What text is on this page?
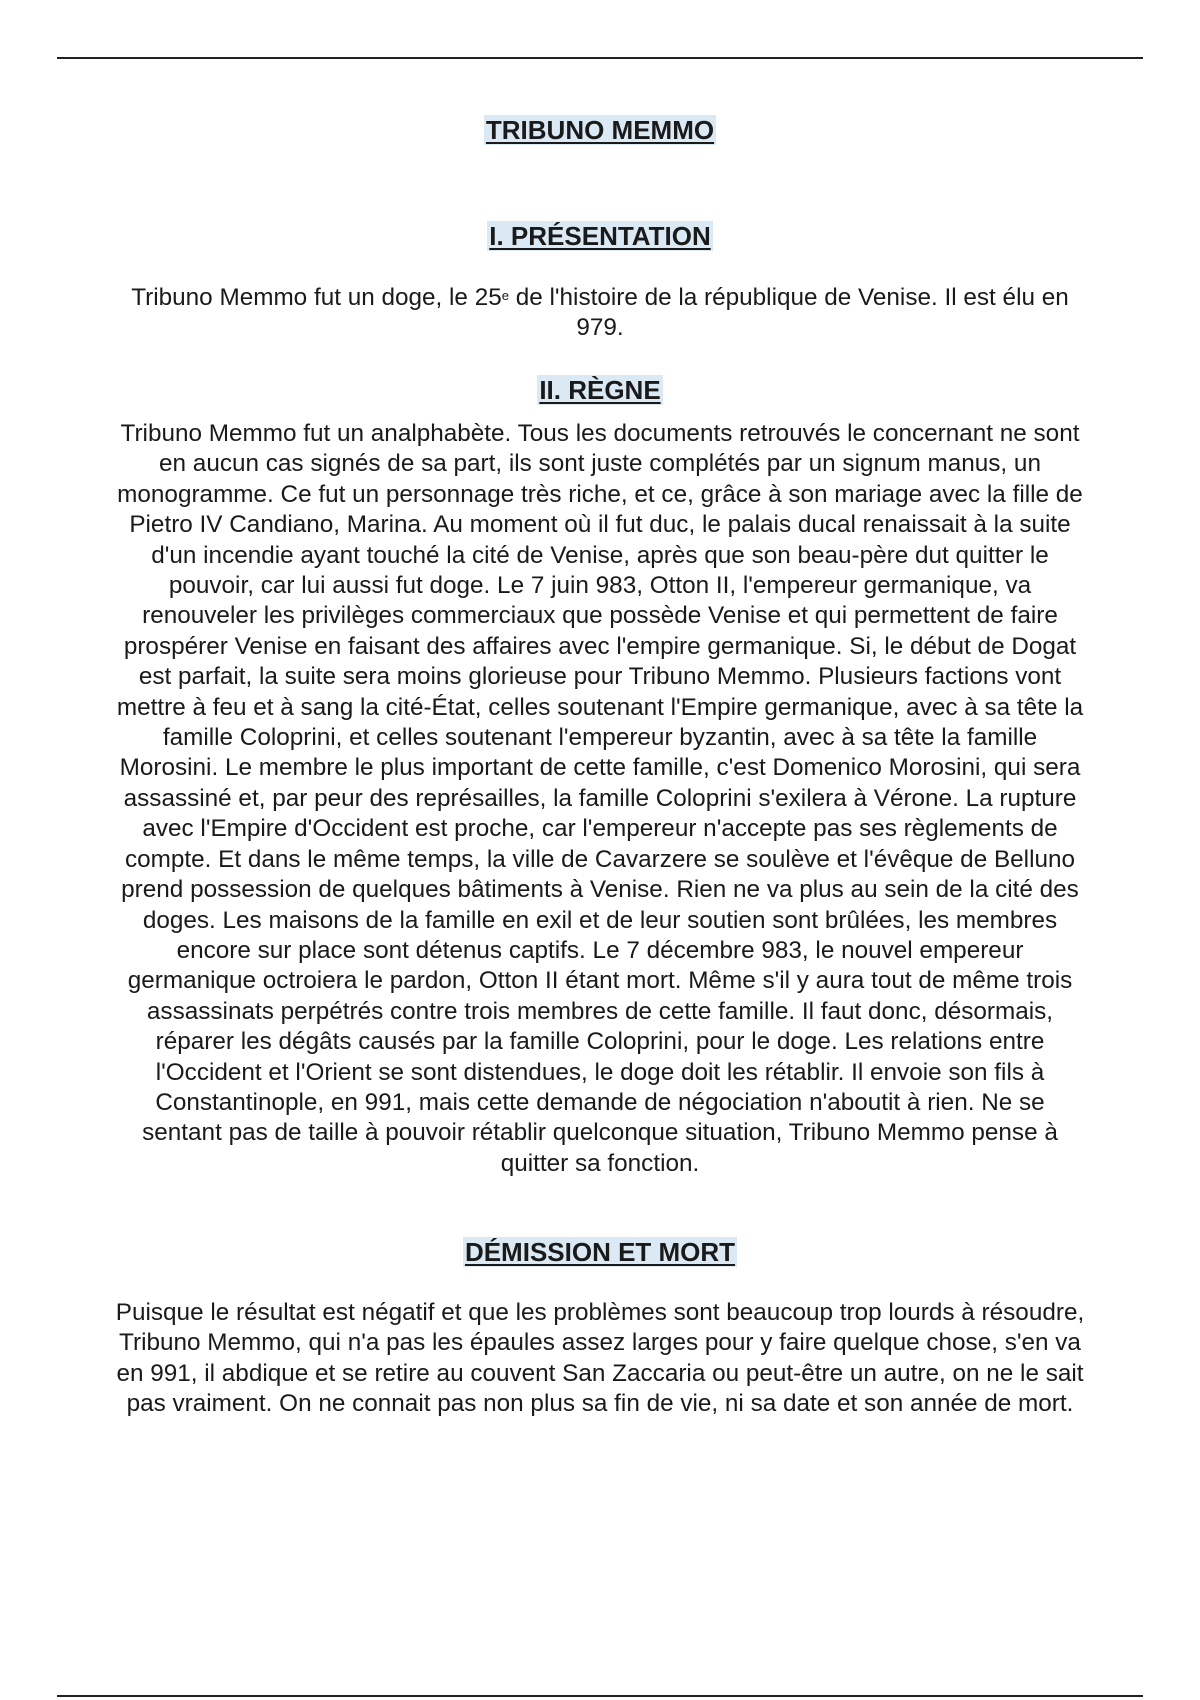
TRIBUNO MEMMO
I. PRÉSENTATION

Tribuno Memmo fut un doge, le 25e de l'histoire de la république de Venise. Il est élu en 979.

II. RÈGNE

Tribuno Memmo fut un analphabète. Tous les documents retrouvés le concernant ne sont en aucun cas signés de sa part, ils sont juste complétés par un signum manus, un monogramme. Ce fut un personnage très riche, et ce, grâce à son mariage avec la fille de Pietro IV Candiano, Marina. Au moment où il fut duc, le palais ducal renaissait à la suite d'un incendie ayant touché la cité de Venise, après que son beau-père dut quitter le pouvoir, car lui aussi fut doge. Le 7 juin 983, Otton II, l'empereur germanique, va renouveler les privilèges commerciaux que possède Venise et qui permettent de faire prospérer Venise en faisant des affaires avec l'empire germanique. Si, le début de Dogat est parfait, la suite sera moins glorieuse pour Tribuno Memmo. Plusieurs factions vont mettre à feu et à sang la cité-État, celles soutenant l'Empire germanique, avec à sa tête la famille Coloprini, et celles soutenant l'empereur byzantin, avec à sa tête la famille Morosini. Le membre le plus important de cette famille, c'est Domenico Morosini, qui sera assassiné et, par peur des représailles, la famille Coloprini s'exilera à Vérone. La rupture avec l'Empire d'Occident est proche, car l'empereur n'accepte pas ses règlements de compte. Et dans le même temps, la ville de Cavarzere se soulève et l'évêque de Belluno prend possession de quelques bâtiments à Venise. Rien ne va plus au sein de la cité des doges. Les maisons de la famille en exil et de leur soutien sont brûlées, les membres encore sur place sont détenus captifs. Le 7 décembre 983, le nouvel empereur germanique octroiera le pardon, Otton II étant mort. Même s'il y aura tout de même trois assassinats perpétrés contre trois membres de cette famille. Il faut donc, désormais, réparer les dégâts causés par la famille Coloprini, pour le doge. Les relations entre l'Occident et l'Orient se sont distendues, le doge doit les rétablir. Il envoie son fils à Constantinople, en 991, mais cette demande de négociation n'aboutit à rien. Ne se sentant pas de taille à pouvoir rétablir quelconque situation, Tribuno Memmo pense à quitter sa fonction.

DÉMISSION ET MORT

Puisque le résultat est négatif et que les problèmes sont beaucoup trop lourds à résoudre, Tribuno Memmo, qui n'a pas les épaules assez larges pour y faire quelque chose, s'en va en 991, il abdique et se retire au couvent San Zaccaria ou peut-être un autre, on ne le sait pas vraiment. On ne connait pas non plus sa fin de vie, ni sa date et son année de mort.
